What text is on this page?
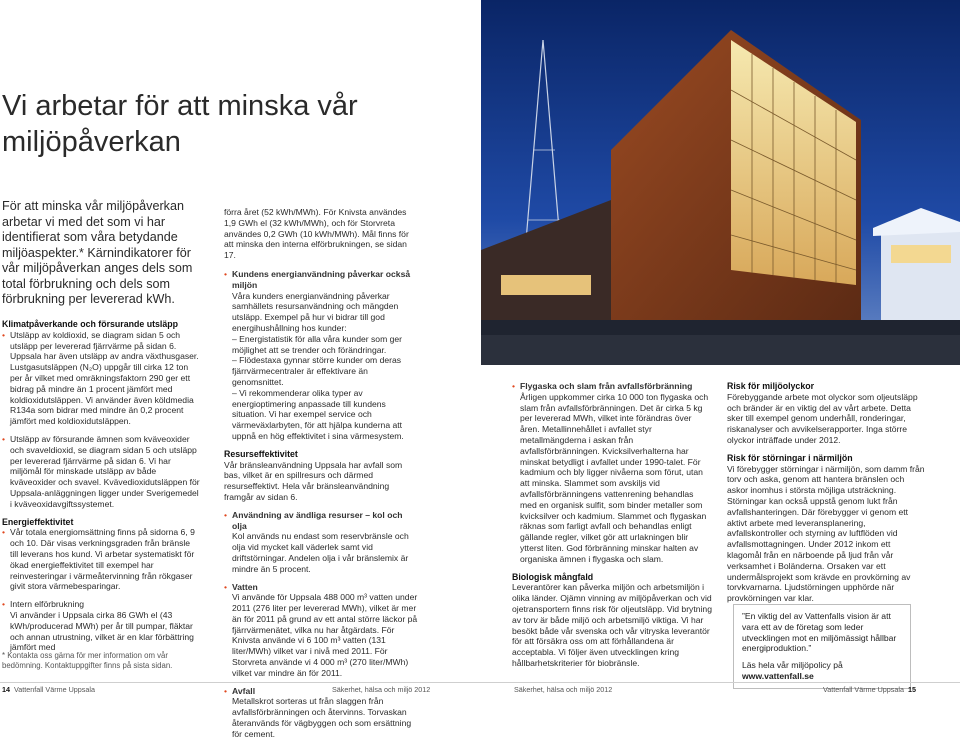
Vi arbetar för att minska vår miljöpåverkan
För att minska vår miljöpåverkan arbetar vi med det som vi har identifierat som våra betydande miljöaspekter.* Kärnindikatorer för vår miljöpåverkan anges dels som total förbrukning och dels som förbrukning per levererad kWh.
Klimatpåverkande och försurande utsläpp
• Utsläpp av koldioxid, se diagram sidan 5 och utsläpp per levererad fjärrvärme på sidan 6. Uppsala har även utsläpp av andra växthusgaser. Lustgasutsläppen (N₂O) uppgår till cirka 12 ton per år vilket med omräkningsfaktorn 290 ger ett bidrag på mindre än 1 procent jämfört med koldioxidutsläppen. Vi använder även köldmedia R134a som bidrar med mindre än 0,2 procent jämfört med koldioxidutsläppen.
• Utsläpp av försurande ämnen som kväveoxider och svaveldioxid, se diagram sidan 5 och utsläpp per levererad fjärrvärme på sidan 6. Vi har miljömål för minskade utsläpp av både kväveoxider och svavel. Kvävedioxidutsläppen för Uppsala-anläggningen ligger under Sverigemedel i kväveoxidavgiftssystemet.
Energieffektivitet
• Vår totala energiomsättning finns på sidorna 6, 9 och 10. Där visas verkningsgraden från bränsle till leverans hos kund. Vi arbetar systematiskt för ökad energieffektivitet till exempel har reinvesteringar i värmeåtervinning från rökgaser givit stora värmebesparingar.
• Intern elförbrukning
Vi använder i Uppsala cirka 86 GWh el (43 kWh/producerad MWh) per år till pumpar, fläktar och annan utrustning, vilket är en klar förbättring jämfört med
* Kontakta oss gärna för mer information om vår bedömning. Kontaktuppgifter finns på sista sidan.

förra året (52 kWh/MWh). För Knivsta användes 1,9 GWh el (32 kWh/MWh), och för Storvreta användes 0,2 GWh (10 kWh/MWh). Mål finns för att minska den interna elförbrukningen, se sidan 17.

• Kundens energianvändning påverkar också miljön
Våra kunders energianvändning påverkar samhällets resursanvändning och mängden utsläpp. Exempel på hur vi bidrar till god energihushållning hos kunder:
– Energistatistik för alla våra kunder som ger möjlighet att se trender och förändringar.
– Flödestaxa gynnar större kunder om deras fjärrvärmecentraler är effektivare än genomsnittet.
– Vi rekommenderar olika typer av energioptimering anpassade till kundens situation. Vi har exempel service och värmeväxlarbyten, för att hjälpa kunderna att uppnå en hög effektivitet i sina värmesystem.
Resurseffektivitet

Vår bränsleanvändning Uppsala har avfall som bas, vilket är en spillresurs och därmed resurseffektivt. Hela vår bränsleanvändning framgår av sidan 6.

• Användning av ändliga resurser – kol och olja
Kol används nu endast som reservbränsle och olja vid mycket kall väderlek samt vid driftstörningar. Andelen olja i vår bränslemix är mindre än 5 procent.
• Vatten
Vi använde för Uppsala 488 000 m³ vatten under 2011 (276 liter per levererad MWh), vilket är mer än för 2011 på grund av ett antal större läckor på fjärrvärmenätet, vilka nu har åtgärdats. För Knivsta använde vi 6 100 m³ vatten (131 liter/MWh) vilket var i nivå med 2011. För Storvreta använde vi 4 000 m³ (270 liter/MWh) vilket var mindre än för 2011.
• Avfall
Metallskrot sorteras ut från slaggen från avfallsförbränningen och återvinns. Torvaskan återanvänds för vägbyggen och som ersättning för cement.
• Flygaska och slam från avfallsförbränning
Årligen uppkommer cirka 10 000 ton flygaska och slam från avfallsförbränningen. Det är cirka 5 kg per levererad MWh, vilket inte förändras över åren. Metallinnehållet i avfallet styr metallmängderna i askan från avfallsförbränningen. Kvicksilverhalterna har minskat betydligt i avfallet under 1990-talet. För kadmium och bly ligger nivåerna som förut, utan att minska. Slammet som avskiljs vid avfallsförbränningens vattenrening behandlas med en organisk sulfit, som binder metaller som kvicksilver och kadmium. Slammet och flygaskan räknas som farligt avfall och behandlas enligt gällande regler, vilket gör att urlakningen blir ytterst liten. God förbränning minskar halten av organiska ämnen i flygaska och slam.
Biologisk mångfald

Leverantörer kan påverka miljön och arbetsmiljön i olika länder. Ojämn vinning av miljöpåverkan och vid ojetransportern finns risk för oljeutsläpp. Vid brytning av torv är både miljö och arbetsmiljö viktiga. Vi har besökt både vår svenska och vår vitryska leverantör för att försäkra oss om att förhållandena är acceptabla. Vi följer även utvecklingen kring hållbarhetskriterier för biobränsle.

Risk för miljöolyckor

Förebyggande arbete mot olyckor som oljeutsläpp och bränder är en viktig del av vårt arbete. Detta sker till exempel genom underhåll, ronderingar, riskanalyser och avvikelserapporter. Inga större olyckor inträffade under 2012.

Risk för störningar i närmiljön

Vi förebygger störningar i närmiljön, som damm från torv och aska, genom att hantera bränslen och askor inomhus i största möjliga utsträckning. Störningar kan också uppstå genom lukt från avfallshanteringen. Där förebygger vi genom ett aktivt arbete med leveransplanering, avfallskontroller och styrning av luftflöden vid avfallsmottagningen. Under 2012 inkom ett klagomål från en närboende på ljud från vår verksamhet i Boländerna. Orsaken var ett undermålsprojekt som krävde en provkörning av torvkvarnarna. Ljudstörningen upphörde när provkörningen var klar.

”En viktig del av Vattenfalls vision är att vara ett av de företag som leder utvecklingen mot en miljömässigt hållbar energiproduktion.”
Läs hela vår miljöpolicy på www.vattenfall.se
14 Vattenfall Värme Uppsala	Säkerhet, hälsa och miljö 2012	Säkerhet, hälsa och miljö 2012	Vattenfall Värme Uppsala 15
